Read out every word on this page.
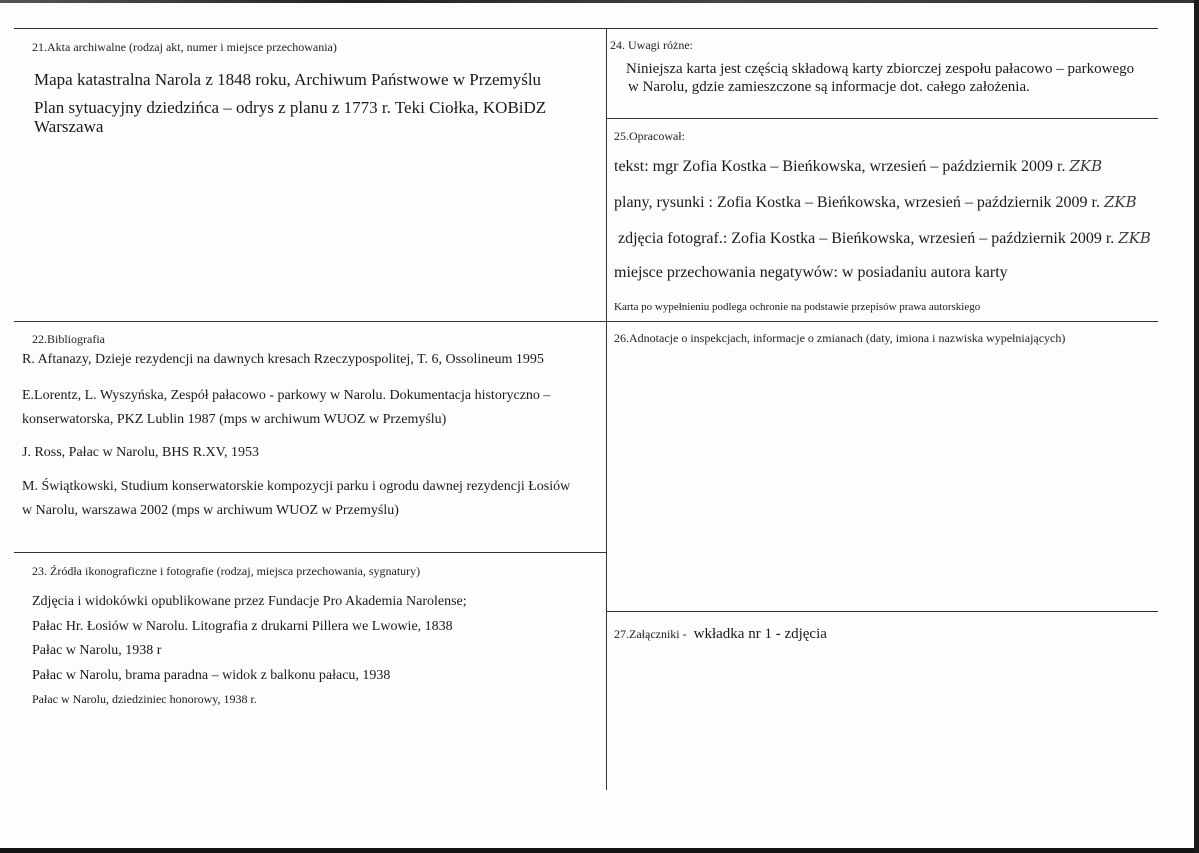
21.Akta archiwalne (rodzaj akt, numer i miejsce przechowania)
Mapa katastralna Narola z 1848 roku, Archiwum Państwowe w Przemyślu
Plan sytuacyjny dziedzińca – odrys z planu z 1773 r. Teki Ciołka, KOBiDZ
Warszawa
22.Bibliografia
R. Aftanazy, Dzieje rezydencji na dawnych kresach Rzeczypospolitej, T. 6, Ossolineum 1995
E.Lorentz, L. Wyszyńska, Zespół pałacowo - parkowy w Narolu. Dokumentacja historyczno –
konserwatorska, PKZ Lublin 1987 (mps w archiwum WUOZ w Przemyślu)
J. Ross, Pałac w Narolu, BHS R.XV, 1953
M. Świątkowski, Studium konserwatorskie kompozycji parku i ogrodu dawnej rezydencji Łosiów
w Narolu, warszawa 2002 (mps w archiwum WUOZ w Przemyślu)
23. Źródła ikonograficzne i fotografie (rodzaj, miejsca przechowania, sygnatury)
Zdjęcia i widokówki opublikowane przez Fundacje Pro Akademia Narolense;
Pałac Hr. Łosiów w Narolu. Litografia z drukarni Pillera we Lwowie, 1838
Pałac w Narolu, 1938 r
Pałac w Narolu, brama paradna – widok z balkonu pałacu, 1938
Pałac w Narolu, dziedziniec honorowy, 1938 r.
24. Uwagi różne:
Niniejsza karta jest częścią składową karty zbiorczej zespołu pałacowo – parkowego
w Narolu, gdzie zamieszczone są informacje dot. całego założenia.
25.Opracował:
tekst: mgr Zofia Kostka – Bieńkowska, wrzesień – październik 2009 r. ZKB
plany, rysunki : Zofia Kostka – Bieńkowska, wrzesień – październik 2009 r. ZKB
zdjęcia fotograf.: Zofia Kostka – Bieńkowska, wrzesień – październik 2009 r. ZKB
miejsce przechowania negatywów: w posiadaniu autora karty
Karta po wypełnieniu podlega ochronie na podstawie przepisów prawa autorskiego
26.Adnotacje o inspekcjach, informacje o zmianach (daty, imiona i nazwiska wypełniających)
27.Załączniki - wkładka nr 1 - zdjęcia
